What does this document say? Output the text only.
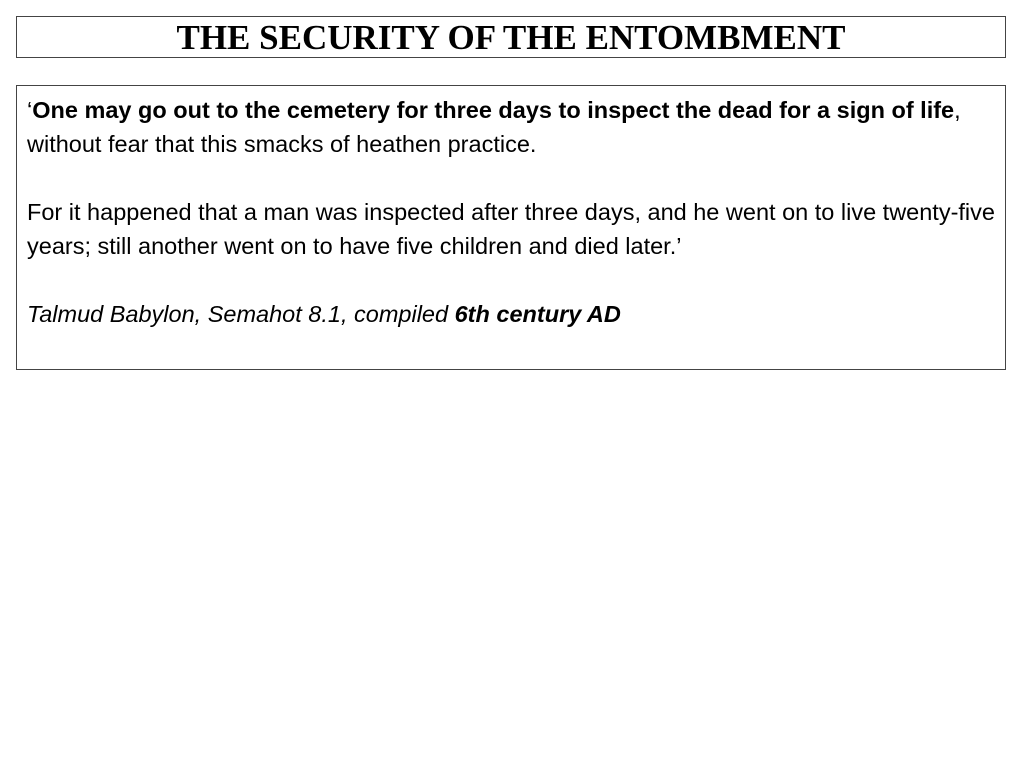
THE SECURITY OF THE ENTOMBMENT

‘One may go out to the cemetery for three days to inspect the dead for a sign of life, without fear that this smacks of heathen practice.

For it happened that a man was inspected after three days, and he went on to live twenty-five years; still another went on to have five children and died later.’

Talmud Babylon, Semahot 8.1, compiled 6th century AD
